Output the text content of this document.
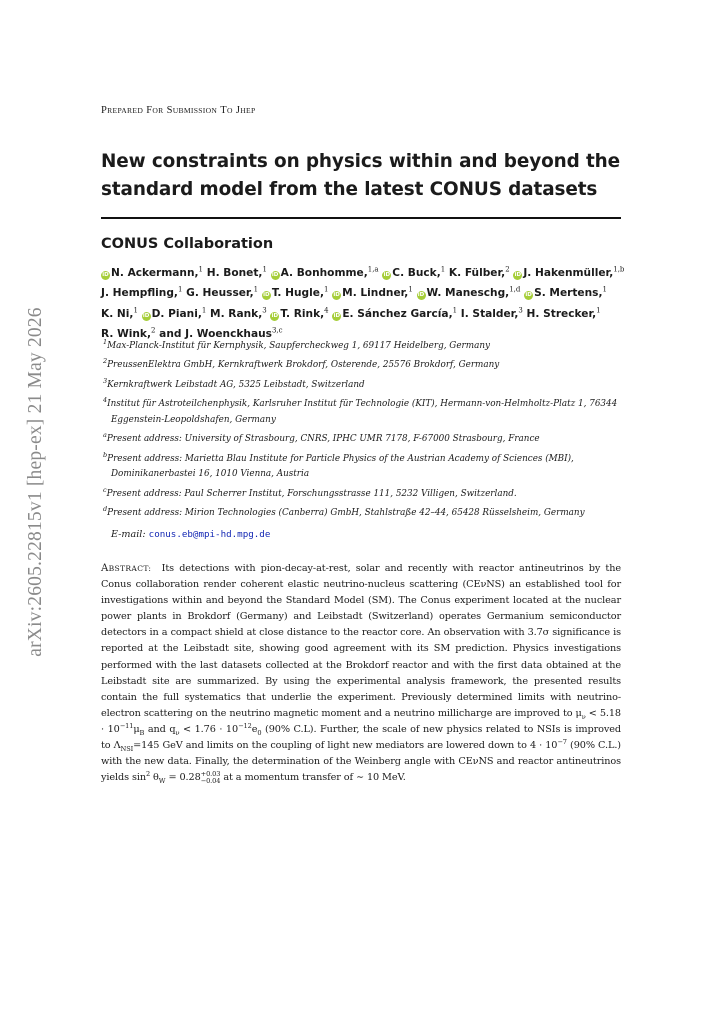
arXiv:2605.22815v1 [hep-ex] 21 May 2026
PREPARED FOR SUBMISSION TO JHEP
New constraints on physics within and beyond the standard model from the latest CONUS datasets
CONUS Collaboration
iD N. Ackermann,$^1$ H. Bonet,$^1$ iD A. Bonhomme,$^{1,a}$ iD C. Buck,$^1$ K. Fülber,$^2$ iD J. Hakenmüller,$^{1,b}$ J. Hempfling,$^1$ G. Heusser,$^1$ iD T. Hugle,$^1$ iD M. Lindner,$^1$ iD W. Maneschg,$^{1,d}$ iD S. Mertens,$^1$ K. Ni,$^1$ iD D. Piani,$^1$ M. Rank,$^3$ iD T. Rink,$^4$ iD E. Sánchez García,$^1$ I. Stalder,$^3$ H. Strecker,$^1$ R. Wink,$^2$ and J. Woenckhaus$^{3,c}$
$^1$Max-Planck-Institut für Kernphysik, Saupfercheckweg 1, 69117 Heidelberg, Germany
$^2$PreussenElektra GmbH, Kernkraftwerk Brokdorf, Osterende, 25576 Brokdorf, Germany
$^3$Kernkraftwerk Leibstadt AG, 5325 Leibstadt, Switzerland
$^4$Institut für Astroteilchenphysik, Karlsruher Institut für Technologie (KIT), Hermann-von-Helmholtz-Platz 1, 76344 Eggenstein-Leopoldshafen, Germany
$^a$Present address: University of Strasbourg, CNRS, IPHC UMR 7178, F-67000 Strasbourg, France
$^b$Present address: Marietta Blau Institute for Particle Physics of the Austrian Academy of Sciences (MBI), Dominikanerbastei 16, 1010 Vienna, Austria
$^c$Present address: Paul Scherrer Institut, Forschungsstrasse 111, 5232 Villigen, Switzerland.
$^d$Present address: Mirion Technologies (Canberra) GmbH, Stahlstraße 42–44, 65428 Rüsselsheim, Germany
E-mail: conus.eb@mpi-hd.mpg.de

ABSTRACT: Its detections with pion-decay-at-rest, solar and recently with reactor antineutrinos by the Conus collaboration render coherent elastic neutrino-nucleus scattering (CEνNS) an established tool for investigations within and beyond the Standard Model (SM). The Conus experiment located at the nuclear power plants in Brokdorf (Germany) and Leibstadt (Switzerland) operates Germanium semiconductor detectors in a compact shield at close distance to the reactor core. An observation with 3.7σ significance is reported at the Leibstadt site, showing good agreement with its SM prediction. Physics investigations performed with the last datasets collected at the Brokdorf reactor and with the first data obtained at the Leibstadt site are summarized. By using the experimental analysis framework, the presented results contain the full systematics that underlie the experiment. Previously determined limits with neutrino-electron scattering on the neutrino magnetic moment and a neutrino millicharge are improved to $\mu_\nu < 5.18 \cdot 10^{-11}\mu_B$ and $q_\nu < 1.76 \cdot 10^{-12}e_0$ (90% C.L). Further, the scale of new physics related to NSIs is improved to $\Lambda_{NSI}=145$ GeV and limits on the coupling of light new mediators are lowered down to $4 \cdot 10^{-7}$ (90% C.L.) with the new data. Finally, the determination of the Weinberg angle with CEνNS and reactor antineutrinos yields $\sin^2 \theta_W = 0.28 +0.03$
−0.04 at a momentum transfer of ∼ 10 MeV.
